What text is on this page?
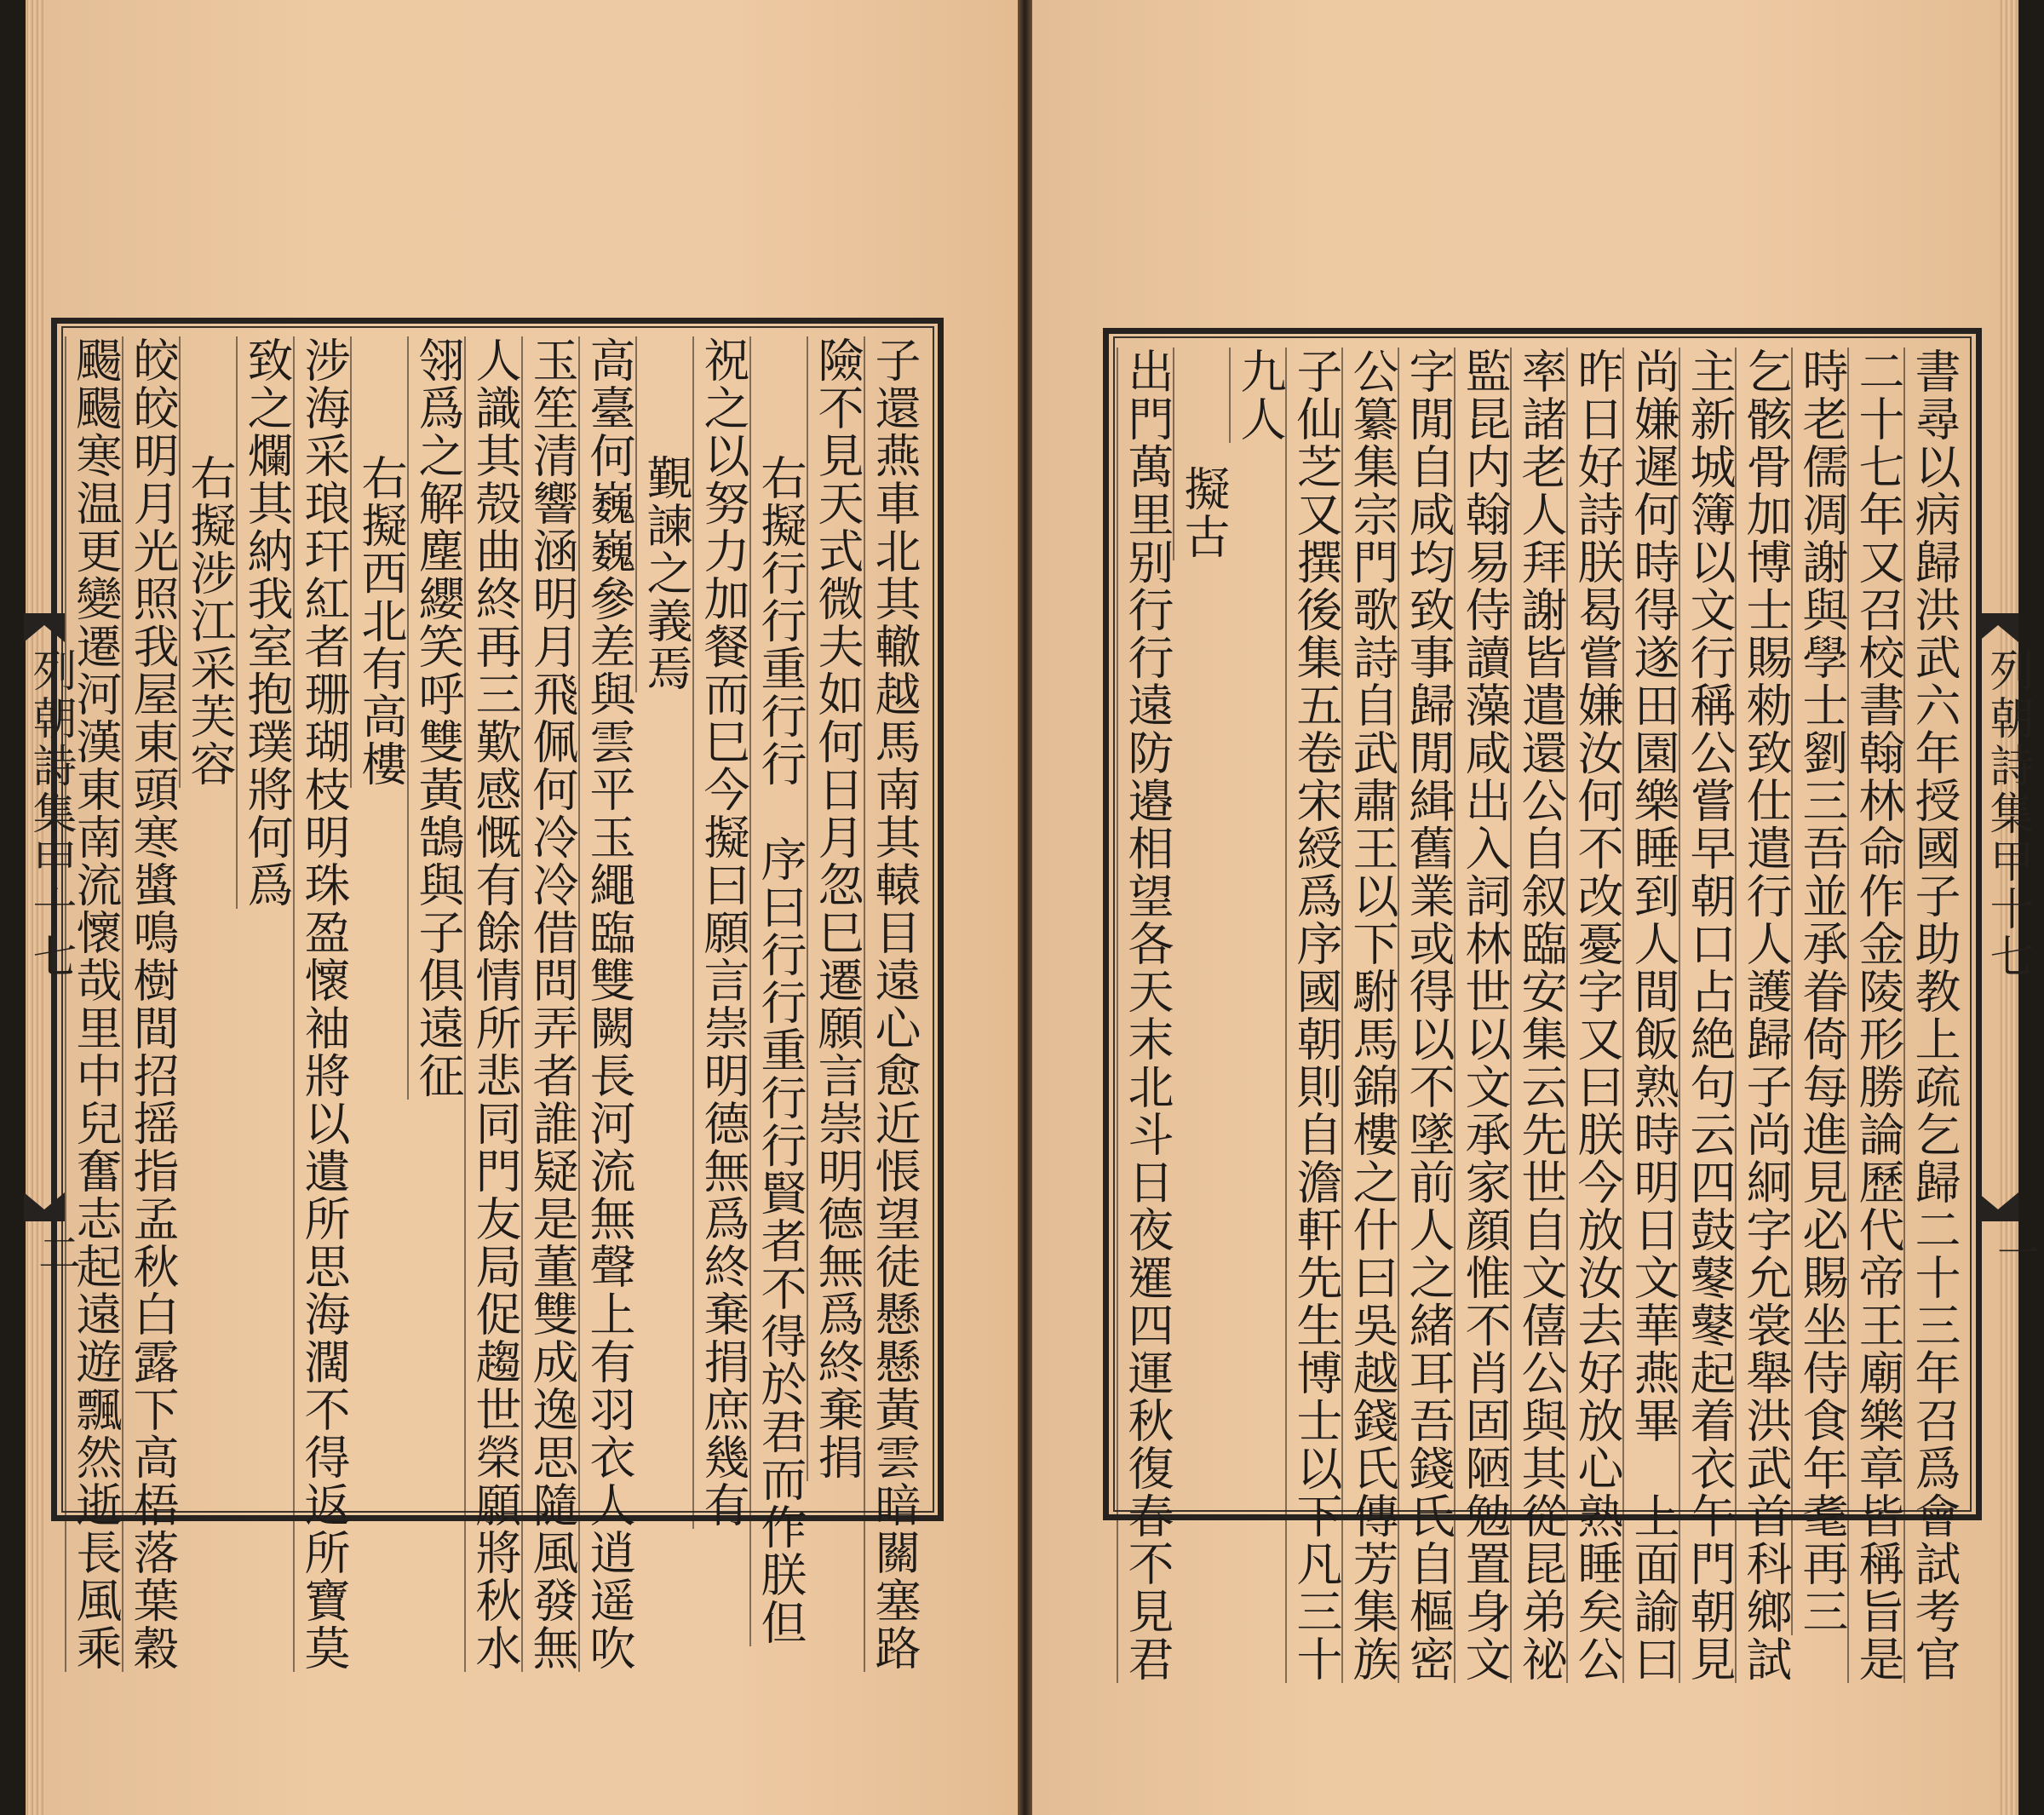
子還燕車北其轍越馬南其轅目遠心愈近悵望徒懸懸黃雲暗關塞路
險不見天式微夫如何日月忽巳遷願言崇明德無爲終棄捐
右擬行行重行行　序曰行行重行行賢者不得於君而作朕但
祝之以努力加餐而巳今擬曰願言崇明德無爲終棄捐庶幾有
覲諫之義焉
高臺何巍巍參差與雲平玉繩臨雙闕長河流無聲上有羽衣人逍遥吹
玉笙清響涵明月飛佩何冷冷借問弄者誰疑是董雙成逸思隨風發無
人識其殻曲終再三歎感慨有餘情所悲同門友局促趨世榮願將秋水
翎爲之解塵纓笑呼雙黃鵠與子俱遠征
右擬西北有高樓
涉海采琅玕紅者珊瑚枝明珠盈懷袖將以遺所思海濶不得返所寶莫
致之爛其納我室抱璞將何爲
右擬涉江采芙容
皎皎明月光照我屋東頭寒螿鳴樹間招摇指孟秋白露下高梧落葉穀
颺颺寒温更變遷河漢東南流懷哉里中兒奮志起遠遊飄然逝長風乘	書尋以病歸洪武六年授國子助教上疏乞歸二十三年召爲會試考官
二十七年又召校書翰林命作金陵形勝論歷代帝王廟樂章皆稱旨是
時老儒凋謝與學士劉三吾並承眷倚每進見必賜坐侍食年耄再三
乞骸骨加博士賜勑致仕遣行人護歸子尚絅字允裳舉洪武首科鄉試
主新城簿以文行稱公嘗早朝口占絶句云四鼓鼕鼕起着衣午門朝見
尚嫌遲何時得遂田園樂睡到人間飯熟時明日文華燕畢　上面諭曰
昨日好詩朕曷嘗嫌汝何不改憂字又曰朕今放汝去好放心熟睡矣公
率諸老人拜謝皆遣還公自叙臨安集云先世自文僖公與其從昆弟祕
監昆内翰易侍讀藻咸出入詞林世以文承家顔惟不肖固陋勉置身文
字閒自咸均致事歸閒緝舊業或得以不墜前人之緒耳吾錢氏自樞密
公纂集宗門歌詩自武肅王以下駙馬錦樓之什曰吳越錢氏傳芳集族
子仙芝又撰後集五卷宋綬爲序國朝則自澹軒先生博士以下凡三十
九人
擬古
出門萬里别行行遠防邉相望各天末北斗日夜𨗴四運秋復春不見君
列朝詩集甲十七
二
列朝詩集甲十七
一
